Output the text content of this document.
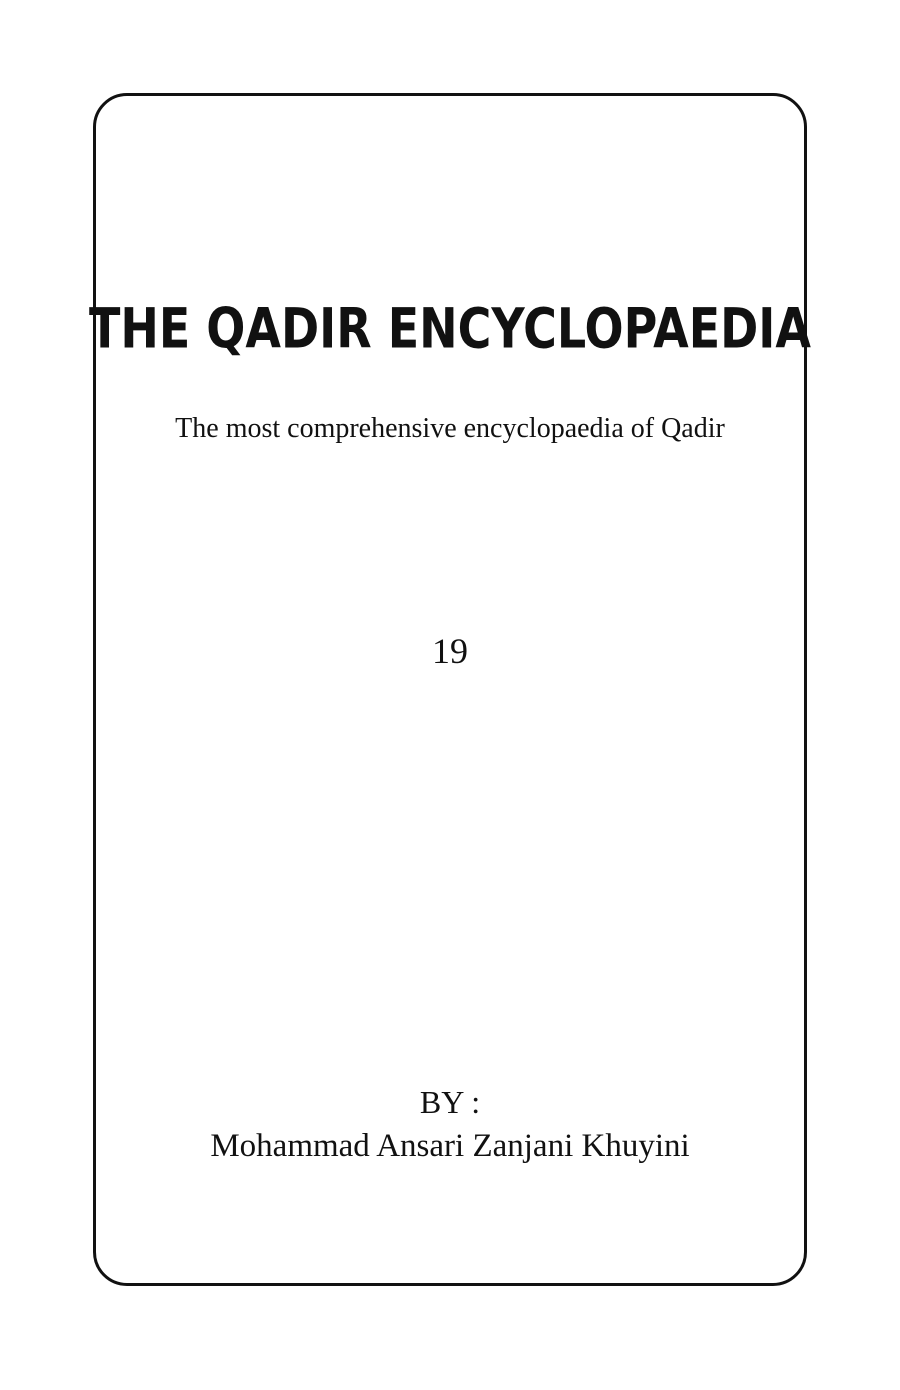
THE QADIR ENCYCLOPAEDIA
The most comprehensive encyclopaedia of Qadir
19
BY :
Mohammad Ansari Zanjani Khuyini
